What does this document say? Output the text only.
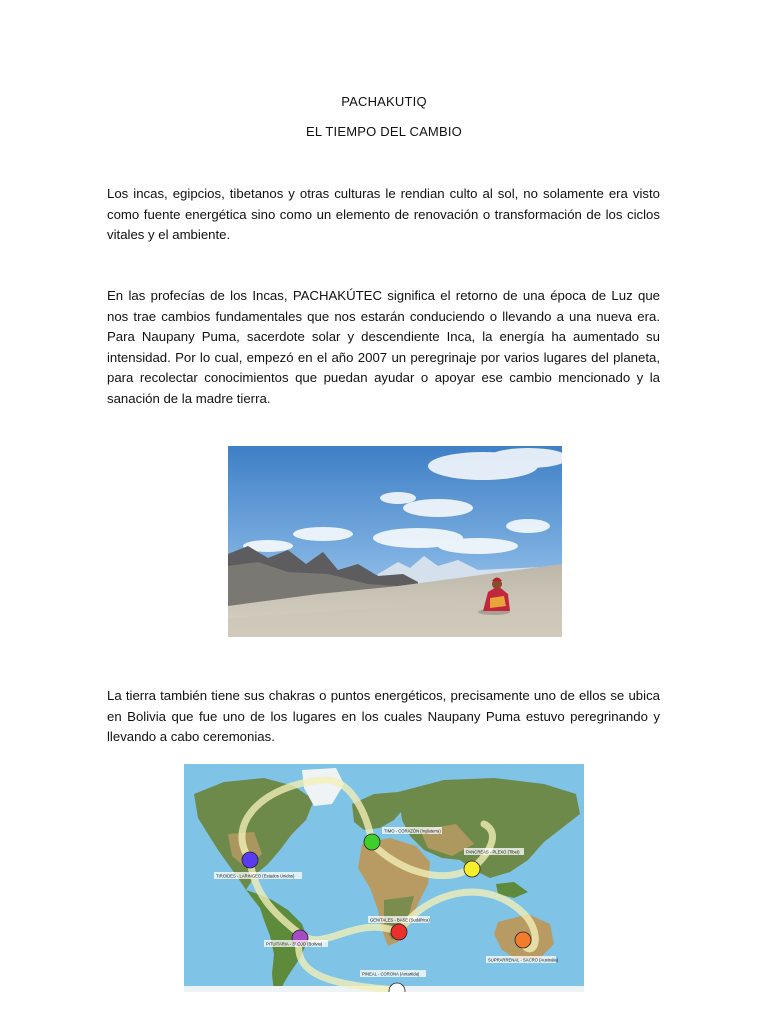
PACHAKUTIQ
EL TIEMPO DEL CAMBIO
Los incas, egipcios, tibetanos y otras culturas le rendian culto al sol, no solamente era visto como fuente energética sino como un elemento de renovación o transformación de los ciclos vitales y el ambiente.
En las profecías de los Incas, PACHAKÚTEC significa el retorno de una época de Luz que nos trae cambios fundamentales que nos estarán conduciendo o llevando a una nueva era. Para Naupany Puma, sacerdote solar y descendiente Inca, la energía ha aumentado su intensidad. Por lo cual, empezó en el año 2007 un peregrinaje por varios lugares del planeta, para recolectar conocimientos que puedan ayudar o apoyar ese cambio mencionado y la sanación de la madre tierra.
La tierra también tiene sus chakras o puntos energéticos, precisamente uno de ellos se ubica en Bolivia que fue uno de los lugares en los cuales Naupany Puma estuvo peregrinando y llevando a cabo ceremonias.
TIMO - CORAZÓN (Inglaterra)
PANCREAS - PLEXO (Tibet)
TIROIDES - LARINGEO (Estados Unidos)
GENITALES - BASE (Sudáfrica)
PITUITARIA - 3° OJO (Bolivia)
SUPRARRENAL - SACRO (Australia)
PINEAL - CORONA (Antartida)
